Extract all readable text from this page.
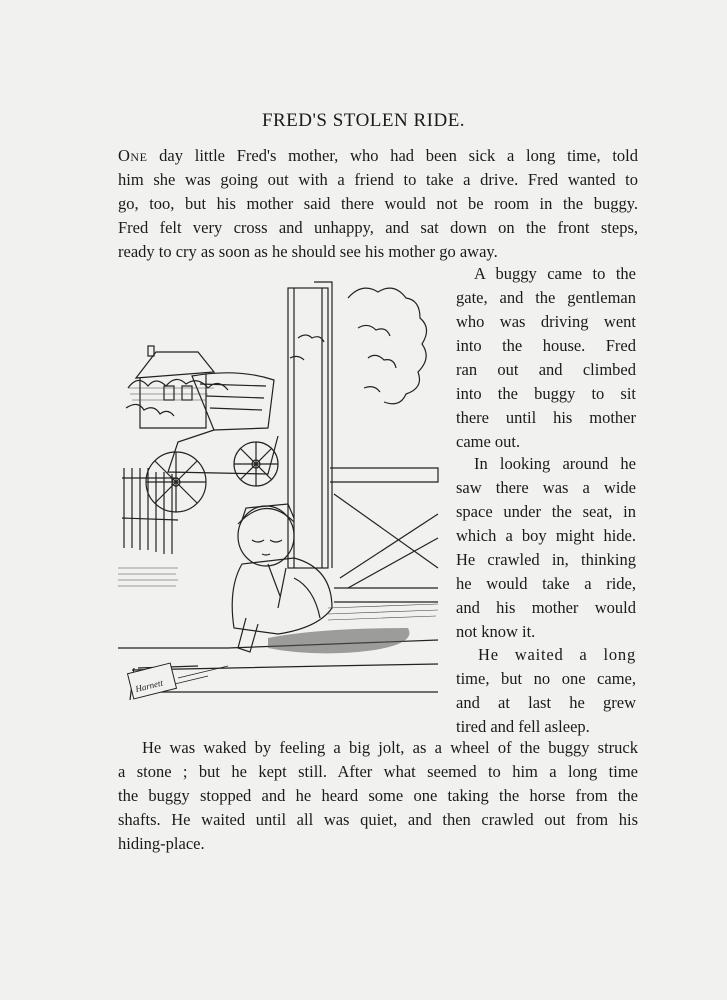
FRED'S STOLEN RIDE.
One day little Fred's mother, who had been sick a long time, told
him she was going out with a friend to take a drive. Fred wanted to
go, too, but his mother said there would not be room in the buggy.
Fred felt very cross and unhappy, and sat down on the front steps,
ready to cry as soon as he should see his mother go away.
Harnett
A buggy came to the
gate, and the gentleman
who was driving went
into the house. Fred
ran out and climbed
into the buggy to sit
there until his mother
came out.
In looking around he
saw there was a wide
space under the seat, in
which a boy might hide.
He crawled in, thinking
he would take a ride,
and his mother would
not know it.
He waited a long
time, but no one came,
and at last he grew
tired and fell asleep.
He was waked by feeling a big jolt, as a wheel of the buggy struck
a stone ; but he kept still. After what seemed to him a long time
the buggy stopped and he heard some one taking the horse from the
shafts. He waited until all was quiet, and then crawled out from his
hiding-place.
